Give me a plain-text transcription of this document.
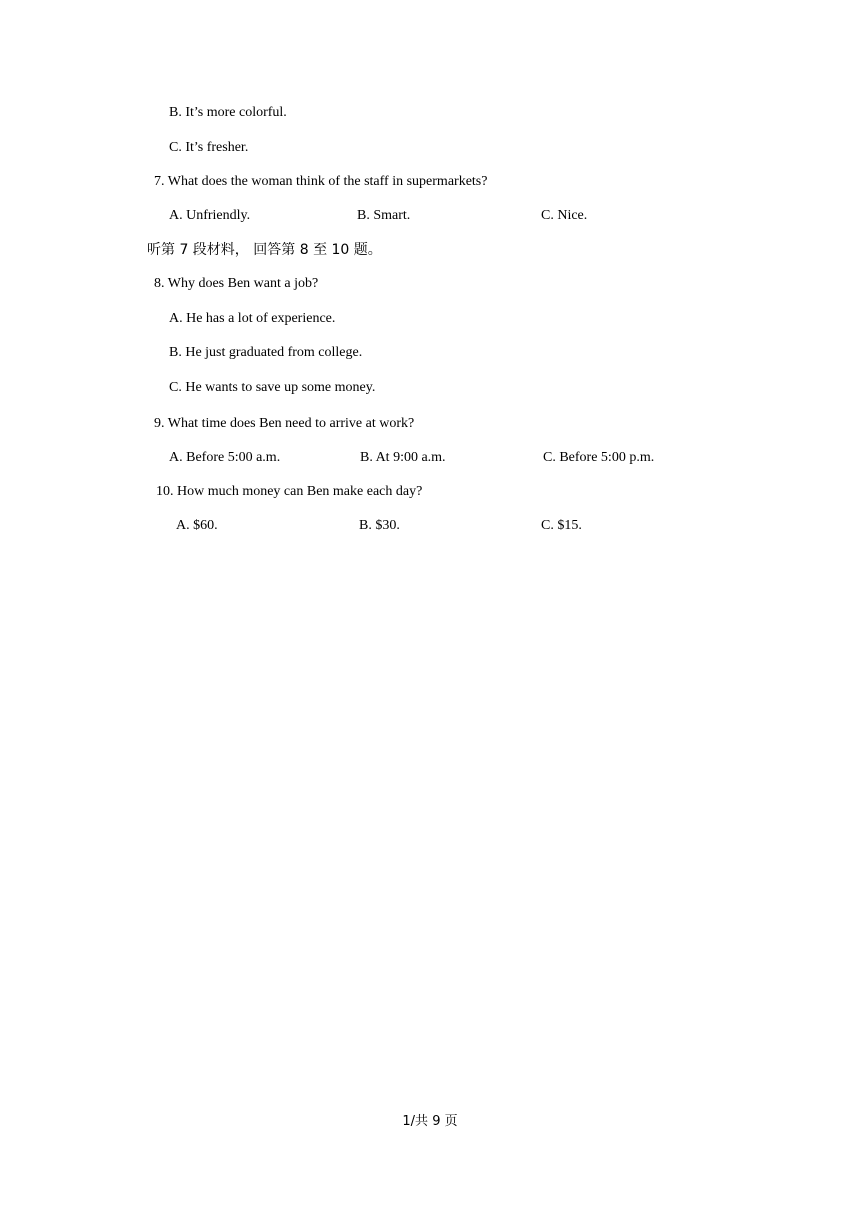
B. It’s more colorful.
C. It’s fresher.
7. What does the woman think of the staff in supermarkets?
A. Unfriendly.	B. Smart.	C. Nice.
听第 7 段材料， 回答第 8 至 10 题。
8. Why does Ben want a job?
A. He has a lot of experience.
B. He just graduated from college.
C. He wants to save up some money.
9. What time does Ben need to arrive at work?
A. Before 5:00 a.m.	B. At 9:00 a.m.	C. Before 5:00 p.m.
10. How much money can Ben make each day?
A. $60.	B. $30.	C. $15.
1/共 9 页
